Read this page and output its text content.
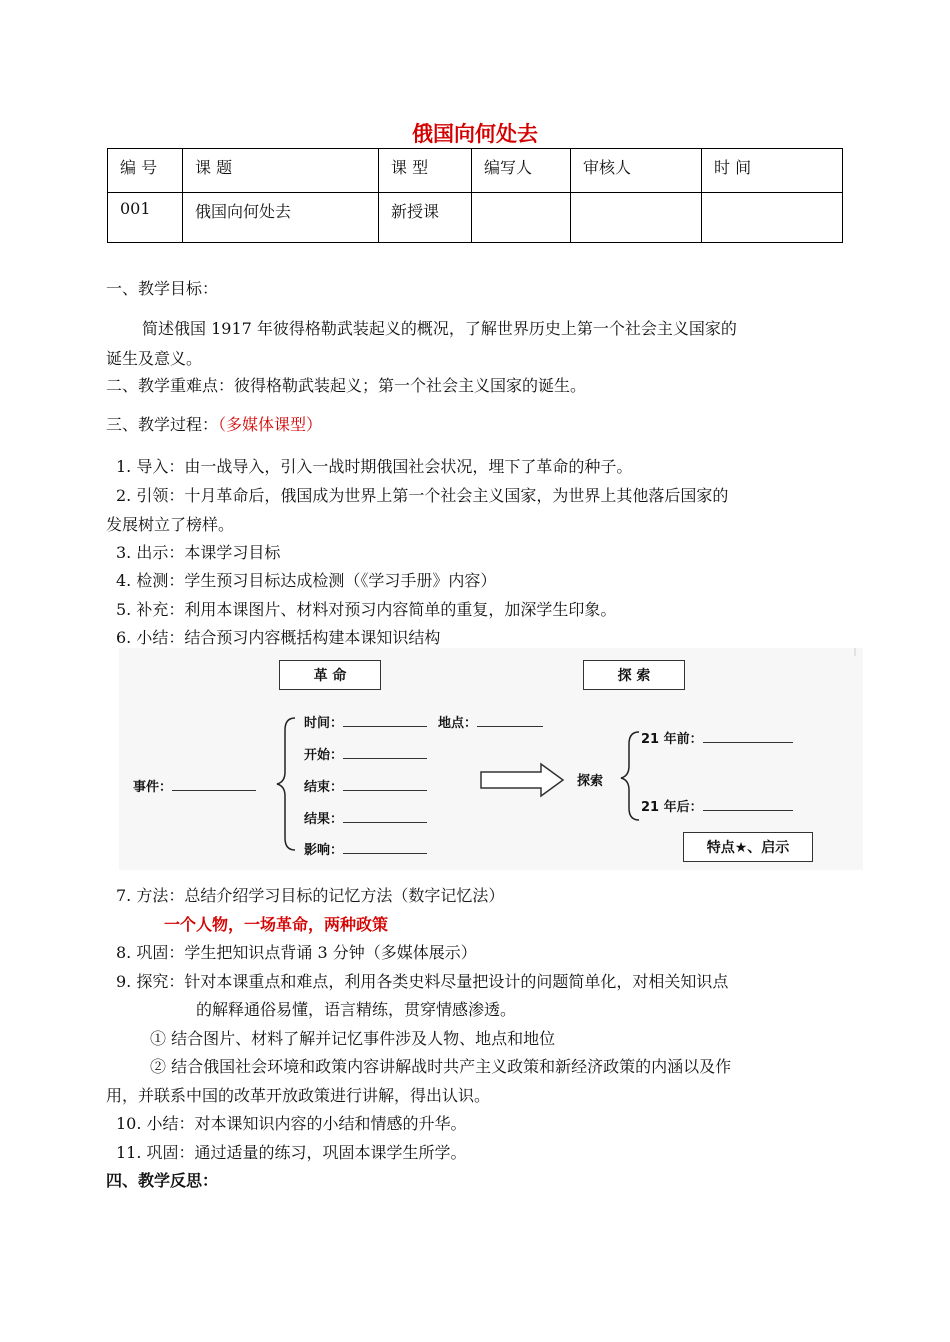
俄国向何处去
编 号	课 题	课 型	编写人	审核人	时 间
001	俄国向何处去	新授课			
一、教学目标：
简述俄国 1917 年彼得格勒武装起义的概况，了解世界历史上第一个社会主义国家的
诞生及意义。
二、教学重难点：彼得格勒武装起义；第一个社会主义国家的诞生。
三、教学过程：（多媒体课型）
1. 导入：由一战导入，引入一战时期俄国社会状况，埋下了革命的种子。
2. 引领：十月革命后，俄国成为世界上第一个社会主义国家，为世界上其他落后国家的
发展树立了榜样。
3. 出示：本课学习目标
4. 检测：学生预习目标达成检测（《学习手册》内容）
5. 补充：利用本课图片、材料对预习内容简单的重复，加深学生印象。
6. 小结：结合预习内容概括构建本课知识结构
革 命	探 索
事件：
时间：	地点：
开始：
结束：
结果：
影响：
探索
21 年前：
21 年后：
特点★、启示
7. 方法：总结介绍学习目标的记忆方法（数字记忆法）
一个人物，一场革命，两种政策
8. 巩固：学生把知识点背诵 3 分钟（多媒体展示）
9. 探究：针对本课重点和难点，利用各类史料尽量把设计的问题简单化，对相关知识点
的解释通俗易懂，语言精练，贯穿情感渗透。
① 结合图片、材料了解并记忆事件涉及人物、地点和地位
② 结合俄国社会环境和政策内容讲解战时共产主义政策和新经济政策的内涵以及作
用，并联系中国的改革开放政策进行讲解，得出认识。
10. 小结：对本课知识内容的小结和情感的升华。
11. 巩固：通过适量的练习，巩固本课学生所学。
四、教学反思：
